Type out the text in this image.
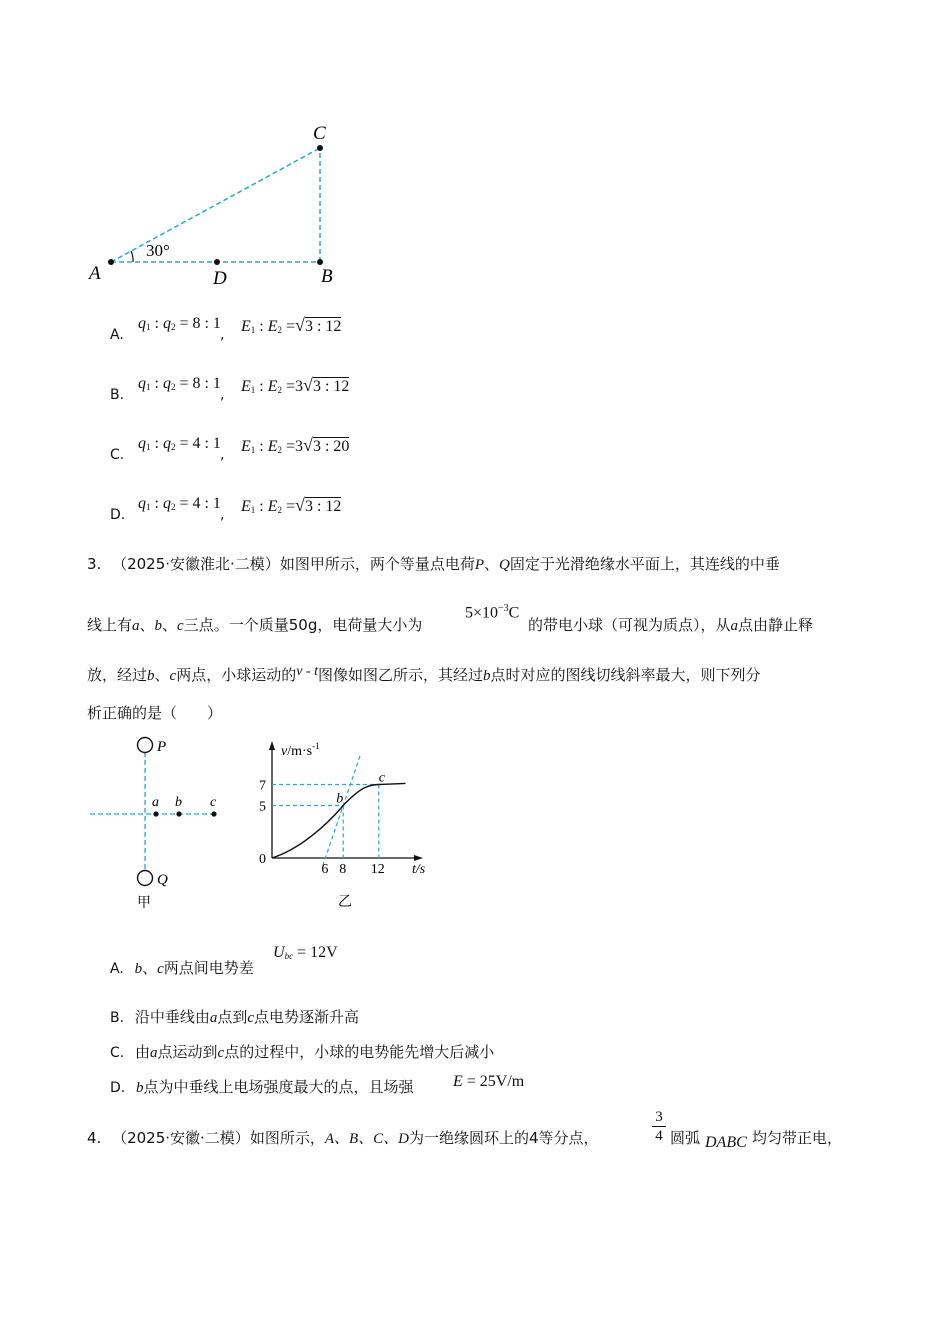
C
A	D	B
30°
A.
$q_1$ : $q_2 = 8$ : 1
, $E_1$ : $E_2 =√3$ : 12
B.
$q_1$ : $q_2 = 8$ : 1
, $E_1$ : $E_2 =3√3$ : 12
C.
$q_1$ : $q_2 = 4$ : 1
, $E_1$ : $E_2 =3√3$ : 20
D.
$q_1$ : $q_2 = 4$ : 1
, $E_1$ : $E_2 =√3$ : 12
3. （2025·安徽淮北·二模）如图甲所示，两个等量点电荷P、Q固定于光滑绝缘水平面上，其连线的中垂
线上有a、b、c三点。一个质量50g，电荷量大小为
$5\times 10^{-3}C$
的带电小球（可视为质点），从a点由静止释
放，经过b、c两点，小球运动的v - t图像如图乙所示，其经过b点时对应的图线切线斜率最大，则下列分
析正确的是（　　）
P
Q
a b c
甲
$v/m\cdot s^{-1}$
t/s
乙
b
c
6 8 12
0
5
7
A. b、c两点间电势差
$U_{bc} = 12V$
B. 沿中垂线由a点到c点电势逐渐升高
C. 由a点运动到c点的过程中，小球的电势能先增大后减小
D. b点为中垂线上电场强度最大的点，且场强 E = 25V/m
4. （2025·安徽·二模）如图所示，A、B、C、D为一绝缘圆环上的4等分点，
3
4 圆弧 DABC 均匀带正电，
